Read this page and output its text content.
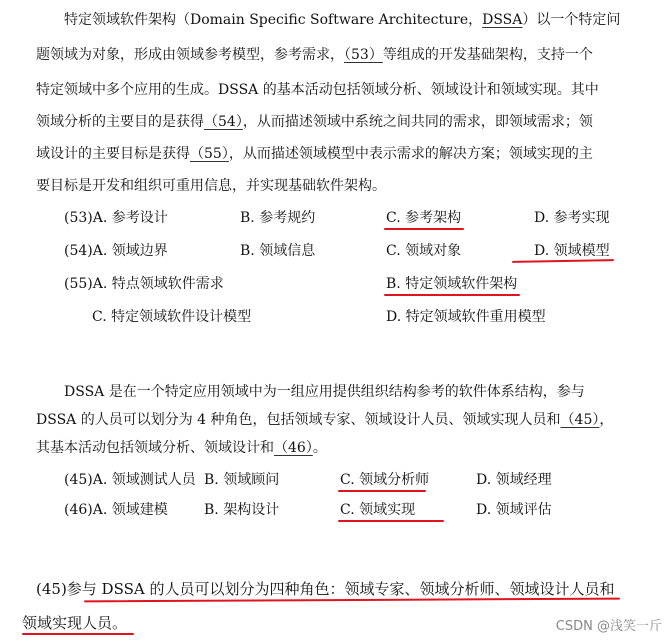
特定领域软件架构（Domain Specific Software Architecture，DSSA）以一个特定问
题领域为对象，形成由领域参考模型，参考需求，（53）等组成的开发基础架构，支持一个
特定领域中多个应用的生成。DSSA 的基本活动包括领域分析、领域设计和领域实现。其中
领域分析的主要目的是获得（54），从而描述领域中系统之间共同的需求，即领域需求；领
域设计的主要目标是获得（55），从而描述领域模型中表示需求的解决方案；领域实现的主
要目标是开发和组织可重用信息，并实现基础软件架构。
(53)A. 参考设计	B. 参考规约	C. 参考架构	D. 参考实现
(54)A. 领域边界	B. 领域信息	C. 领域对象	D. 领域模型
(55)A. 特点领域软件需求	B. 特定领域软件架构
C. 特定领域软件设计模型	D. 特定领域软件重用模型
DSSA 是在一个特定应用领域中为一组应用提供组织结构参考的软件体系结构，参与
DSSA 的人员可以划分为 4 种角色，包括领域专家、领域设计人员、领域实现人员和（45），
其基本活动包括领域分析、领域设计和（46）。
(45)A. 领域测试人员 B. 领域顾问	C. 领域分析师	D. 领域经理
(46)A. 领域建模	B. 架构设计	C. 领域实现	D. 领域评估
(45)参与 DSSA 的人员可以划分为四种角色：领域专家、领域分析师、领域设计人员和
领域实现人员。	CSDN @浅笑一斤
